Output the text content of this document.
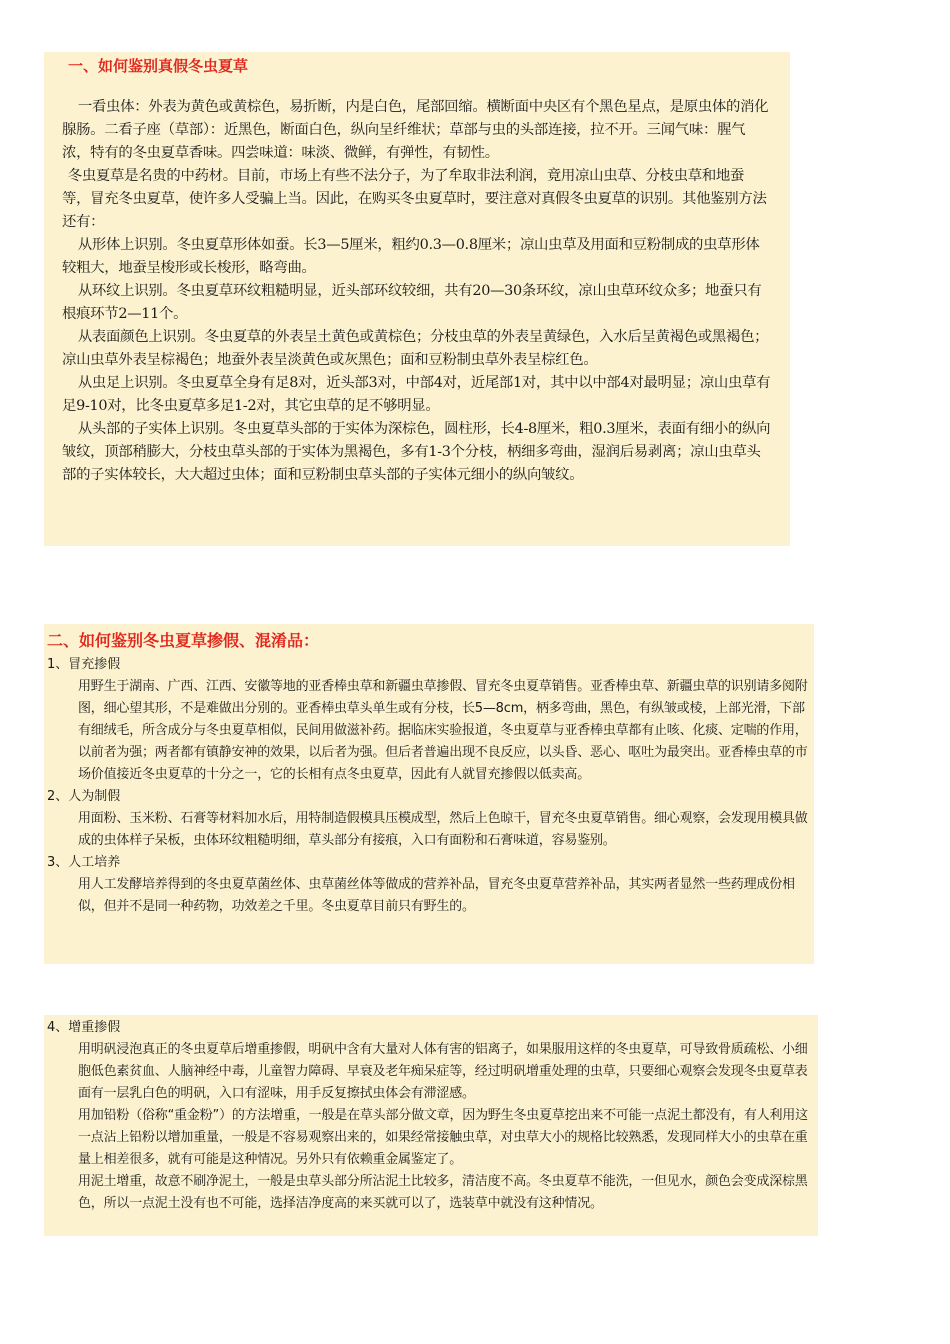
一、如何鉴别真假冬虫夏草

一看虫体：外表为黄色或黄棕色，易折断，内是白色，尾部回缩。横断面中央区有个黑色星点，是原虫体的消化腺肠。二看子座（草部）：近黑色，断面白色，纵向呈纤维状；草部与虫的头部连接，拉不开。三闻气味：腥气浓，特有的冬虫夏草香味。四尝味道：味淡、微鲜，有弹性，有韧性。

冬虫夏草是名贵的中药材。目前，市场上有些不法分子，为了牟取非法利润，竟用凉山虫草、分枝虫草和地蚕等，冒充冬虫夏草，使许多人受骗上当。因此，在购买冬虫夏草时，要注意对真假冬虫夏草的识别。其他鉴别方法还有：

从形体上识别。冬虫夏草形体如蚕。长3—5厘米，粗约0.3—0.8厘米；凉山虫草及用面和豆粉制成的虫草形体较粗大，地蚕呈梭形或长梭形，略弯曲。

从环纹上识别。冬虫夏草环纹粗糙明显，近头部环纹较细，共有20—30条环纹，凉山虫草环纹众多；地蚕只有根痕环节2—11个。

从表面颜色上识别。冬虫夏草的外表呈土黄色或黄棕色；分枝虫草的外表呈黄绿色，入水后呈黄褐色或黑褐色；凉山虫草外表呈棕褐色；地蚕外表呈淡黄色或灰黑色；面和豆粉制虫草外表呈棕红色。

从虫足上识别。冬虫夏草全身有足8对，近头部3对，中部4对，近尾部1对，其中以中部4对最明显；凉山虫草有足9-10对，比冬虫夏草多足1-2对，其它虫草的足不够明显。

从头部的子实体上识别。冬虫夏草头部的于实体为深棕色，圆柱形，长4-8厘米，粗0.3厘米，表面有细小的纵向皱纹，顶部稍膨大，分枝虫草头部的于实体为黑褐色，多有1-3个分枝，柄细多弯曲，湿润后易剥离；凉山虫草头部的子实体较长，大大超过虫体；面和豆粉制虫草头部的子实体元细小的纵向皱纹。

二、如何鉴别冬虫夏草掺假、混淆品：
1、冒充掺假
用野生于湖南、广西、江西、安徽等地的亚香棒虫草和新疆虫草掺假、冒充冬虫夏草销售。亚香棒虫草、新疆虫草的识别请多阅附图，细心望其形，不是难做出分别的。亚香棒虫草头单生或有分枝，长5—8cm，柄多弯曲，黑色，有纵皱或棱，上部光滑，下部有细绒毛，所含成分与冬虫夏草相似，民间用做滋补药。据临床实验报道，冬虫夏草与亚香棒虫草都有止咳、化痰、定喘的作用，以前者为强；两者都有镇静安神的效果，以后者为强。但后者普遍出现不良反应，以头昏、恶心、呕吐为最突出。亚香棒虫草的市场价值接近冬虫夏草的十分之一，它的长相有点冬虫夏草，因此有人就冒充掺假以低卖高。
2、人为制假
用面粉、玉米粉、石膏等材料加水后，用特制造假模具压模成型，然后上色晾干，冒充冬虫夏草销售。细心观察，会发现用模具做成的虫体样子呆板，虫体环纹粗糙明细，草头部分有接痕，入口有面粉和石膏味道，容易鉴别。
3、人工培养
用人工发酵培养得到的冬虫夏草菌丝体、虫草菌丝体等做成的营养补品，冒充冬虫夏草营养补品，其实两者显然一些药理成份相似，但并不是同一种药物，功效差之千里。冬虫夏草目前只有野生的。
4、增重掺假
用明矾浸泡真正的冬虫夏草后增重掺假，明矾中含有大量对人体有害的铝离子，如果服用这样的冬虫夏草，可导致骨质疏松、小细胞低色素贫血、人脑神经中毒，儿童智力障碍、早衰及老年痴呆症等，经过明矾增重处理的虫草，只要细心观察会发现冬虫夏草表面有一层乳白色的明矾，入口有涩味，用手反复擦拭虫体会有滞涩感。
用加铅粉（俗称“重金粉”）的方法增重，一般是在草头部分做文章，因为野生冬虫夏草挖出来不可能一点泥土都没有，有人利用这一点沾上铅粉以增加重量，一般是不容易观察出来的，如果经常接触虫草，对虫草大小的规格比较熟悉，发现同样大小的虫草在重量上相差很多，就有可能是这种情况。另外只有依赖重金属鉴定了。
用泥土增重，故意不刷净泥土，一般是虫草头部分所沾泥土比较多，清洁度不高。冬虫夏草不能洗，一但见水，颜色会变成深棕黑色，所以一点泥土没有也不可能，选择洁净度高的来买就可以了，选装草中就没有这种情况。
